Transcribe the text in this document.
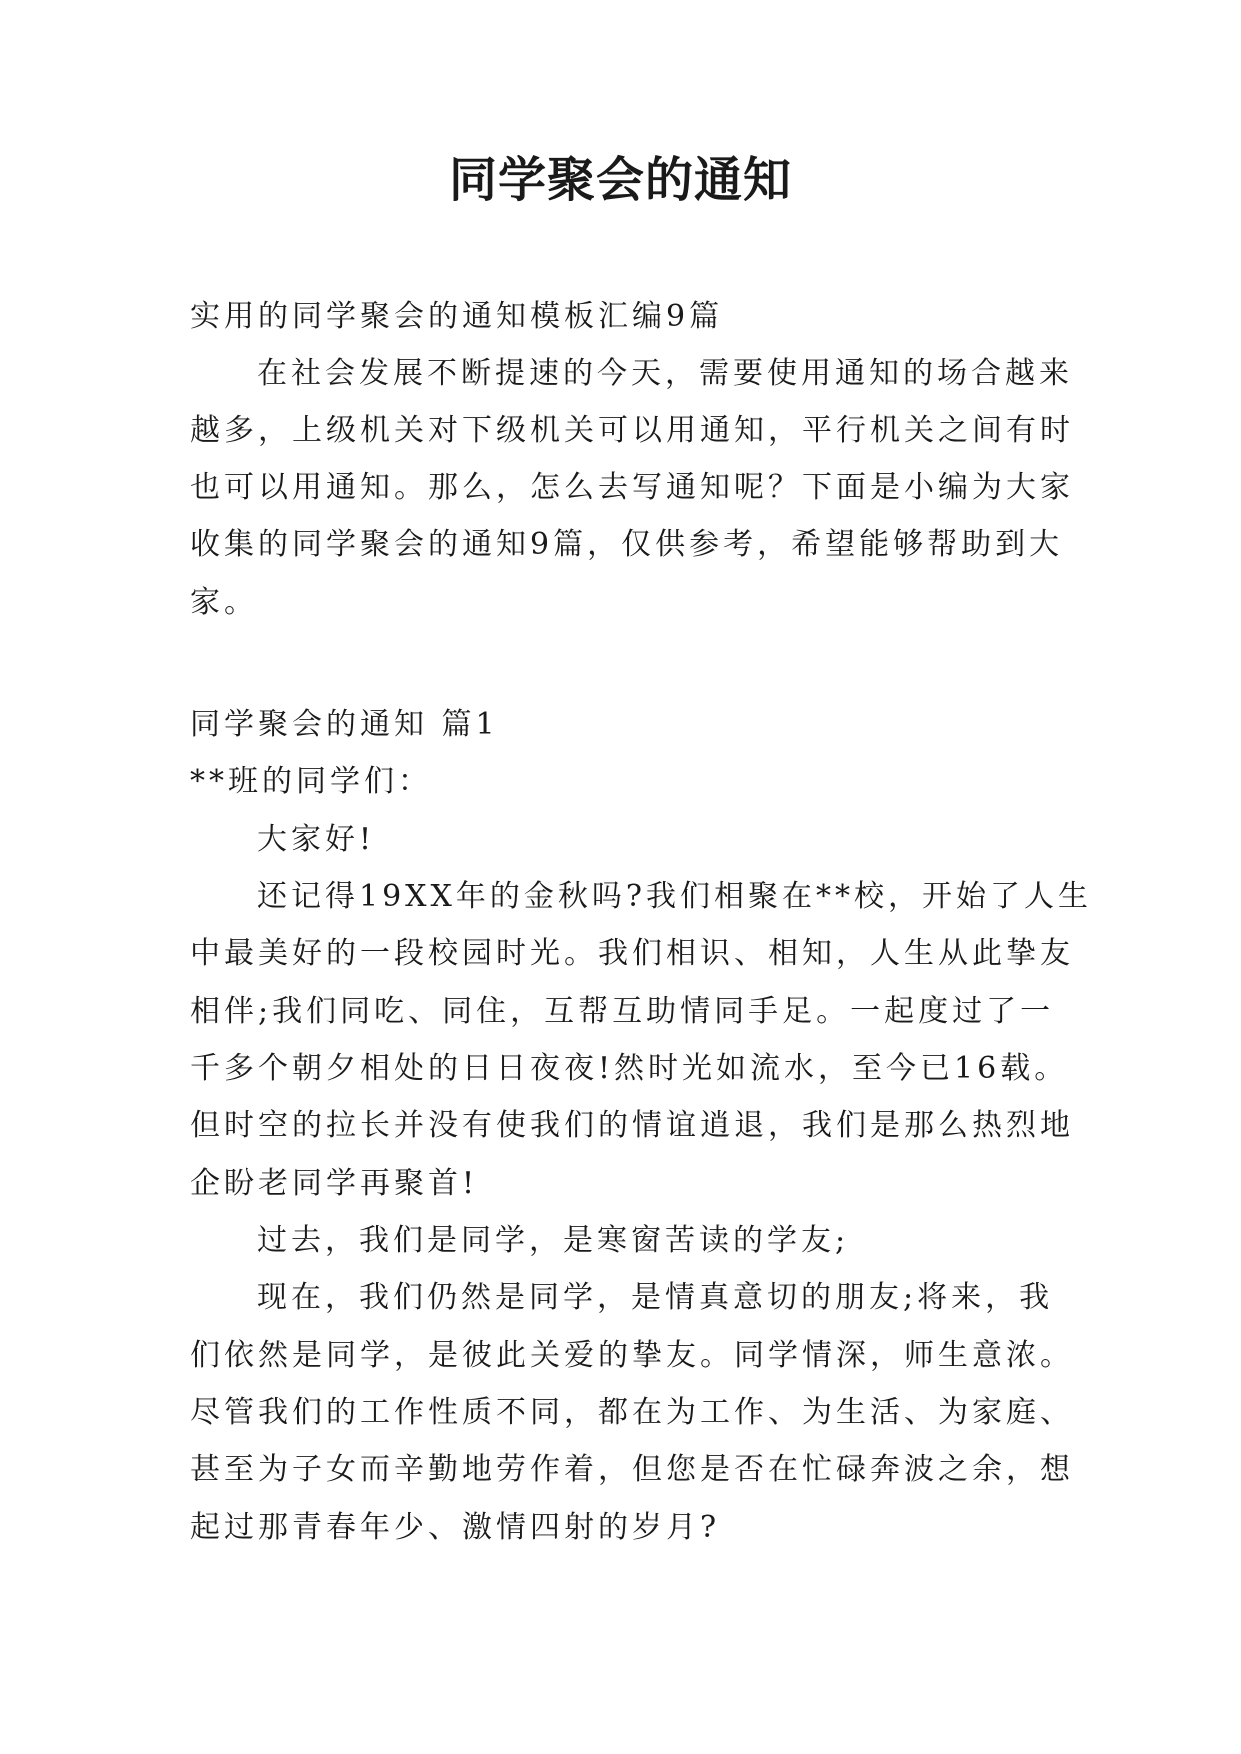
同学聚会的通知
实用的同学聚会的通知模板汇编9篇
在社会发展不断提速的今天，需要使用通知的场合越来
越多，上级机关对下级机关可以用通知，平行机关之间有时
也可以用通知。那么，怎么去写通知呢？下面是小编为大家
收集的同学聚会的通知9篇，仅供参考，希望能够帮助到大
家。
同学聚会的通知 篇1
**班的同学们：
大家好!
还记得19XX年的金秋吗?我们相聚在**校，开始了人生
中最美好的一段校园时光。我们相识、相知，人生从此挚友
相伴;我们同吃、同住，互帮互助情同手足。一起度过了一
千多个朝夕相处的日日夜夜!然时光如流水，至今已16载。
但时空的拉长并没有使我们的情谊逍退，我们是那么热烈地
企盼老同学再聚首!
过去，我们是同学，是寒窗苦读的学友;
现在，我们仍然是同学，是情真意切的朋友;将来，我
们依然是同学，是彼此关爱的挚友。同学情深，师生意浓。
尽管我们的工作性质不同，都在为工作、为生活、为家庭、
甚至为子女而辛勤地劳作着，但您是否在忙碌奔波之余，想
起过那青春年少、激情四射的岁月?
